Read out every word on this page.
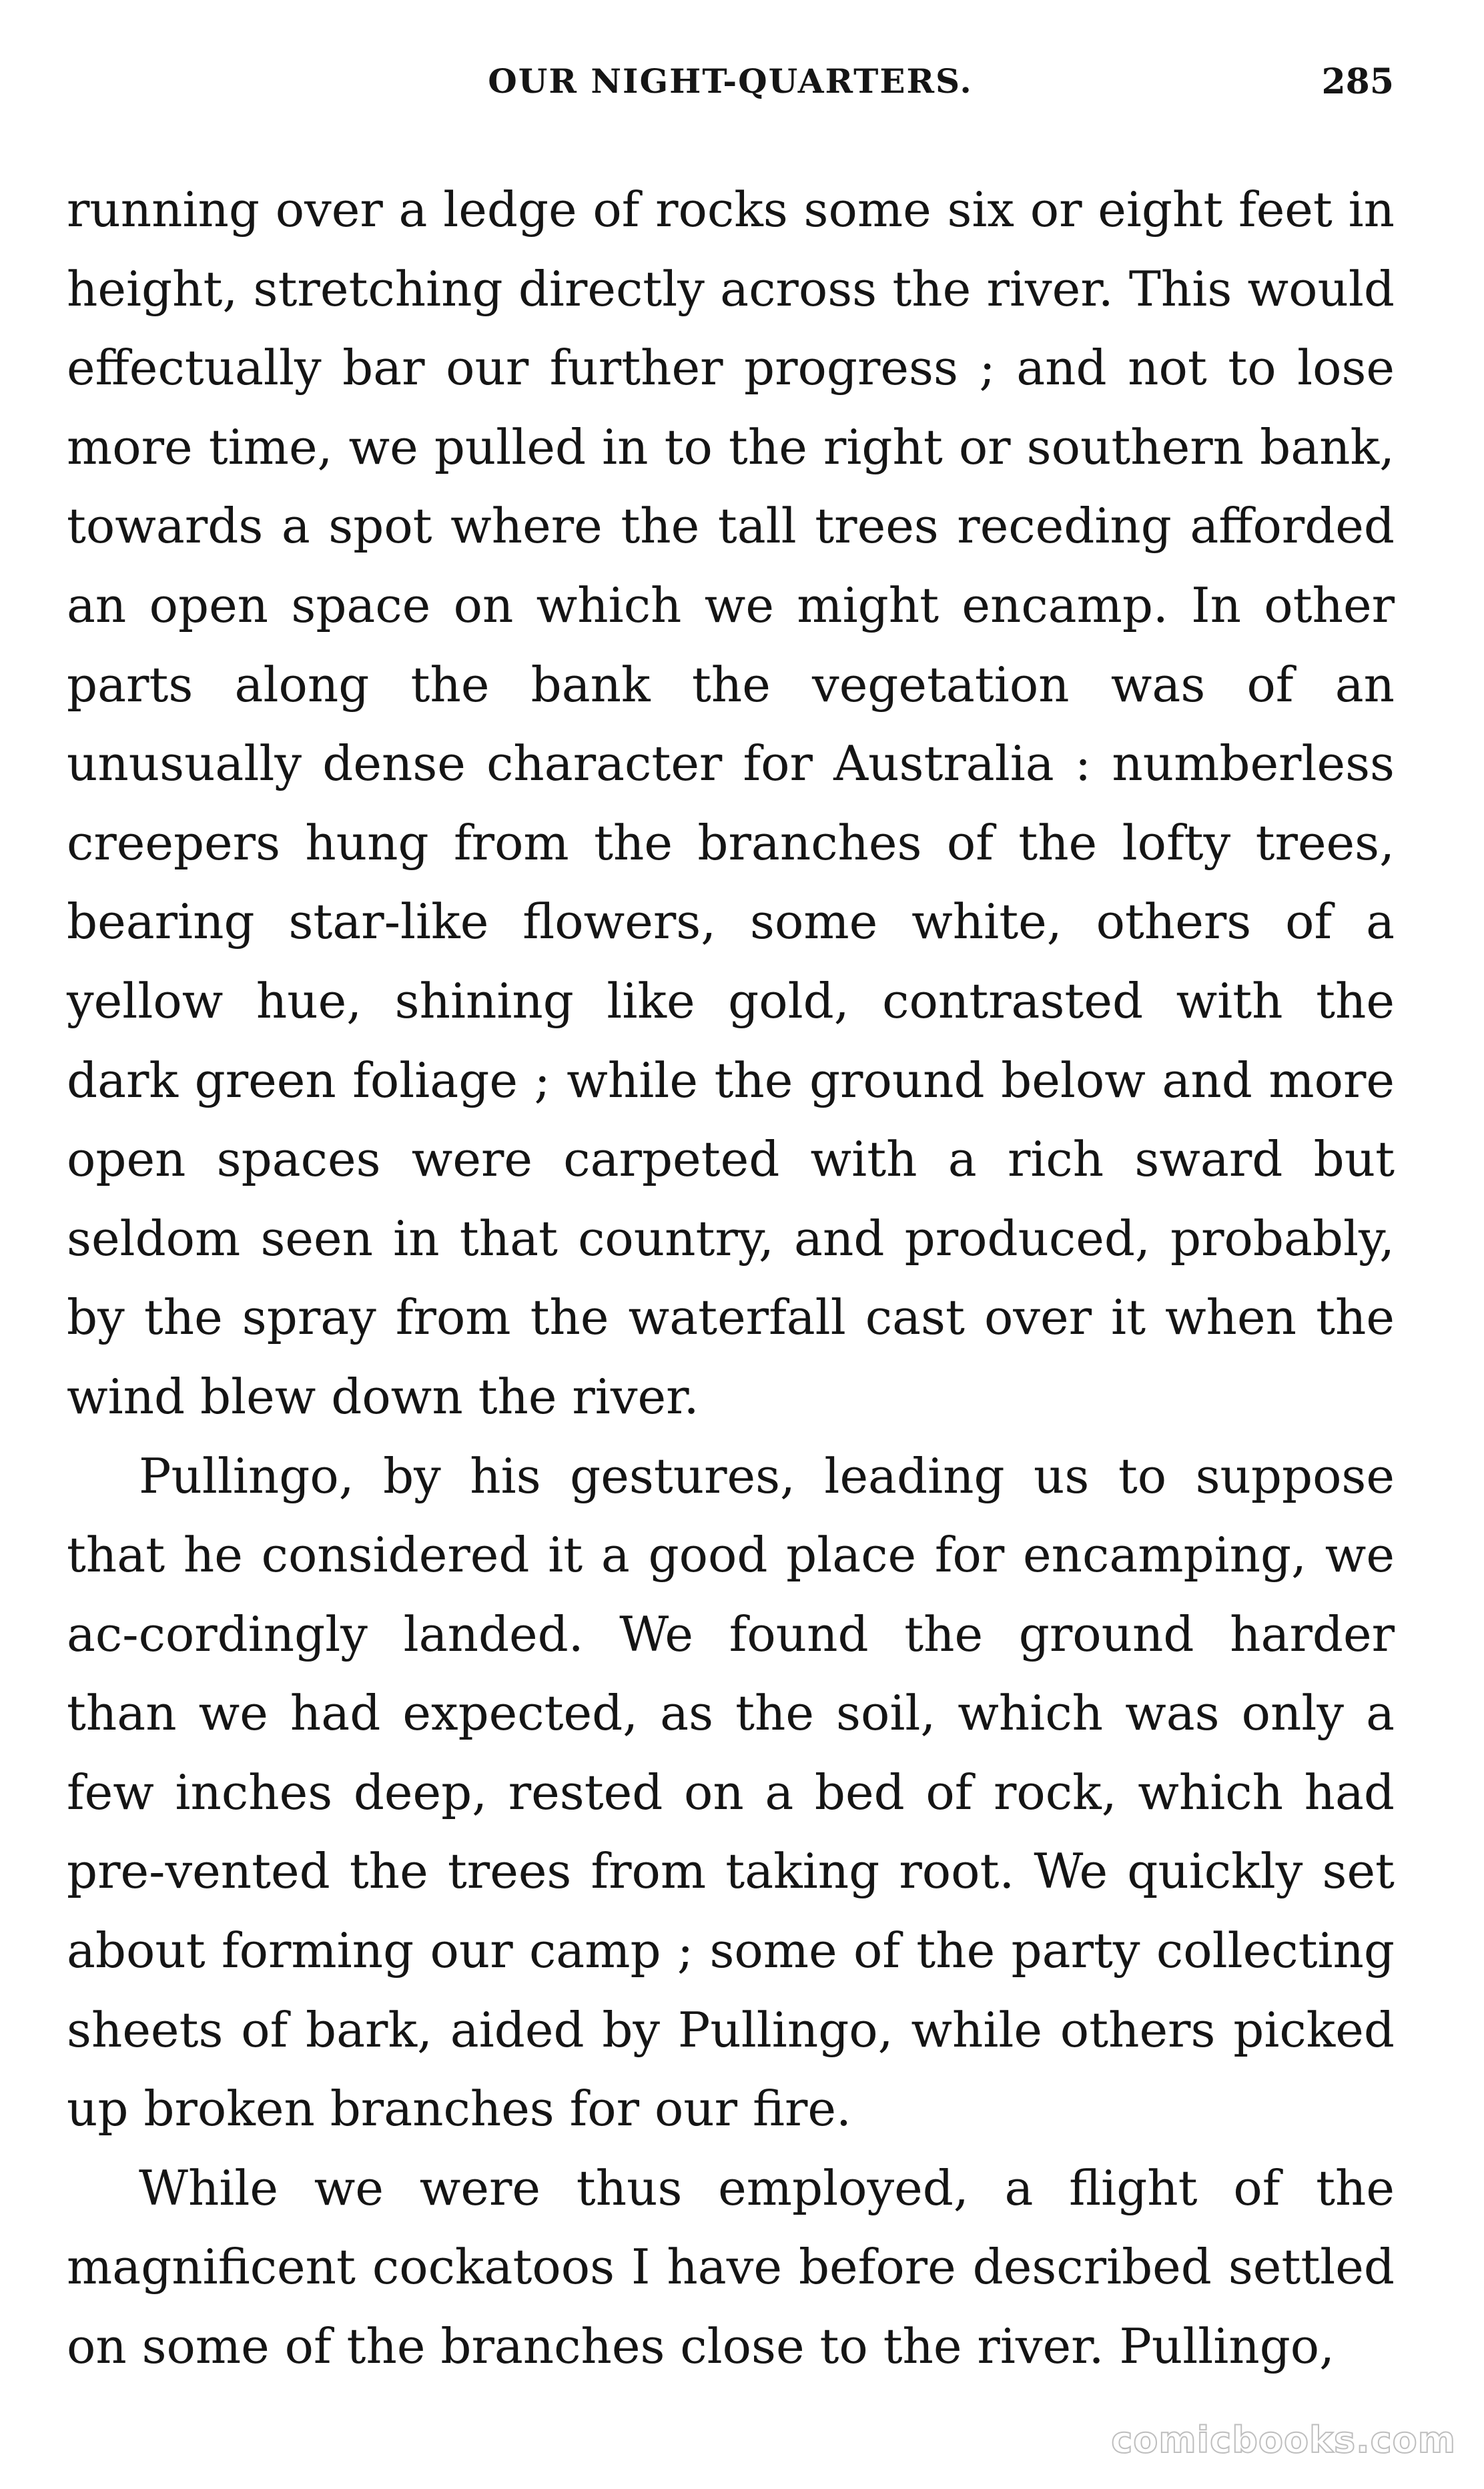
OUR NIGHT-QUARTERS.	285

running over a ledge of rocks some six or eight feet in height, stretching directly across the river. This would effectually bar our further progress ; and not to lose more time, we pulled in to the right or southern bank, towards a spot where the tall trees receding afforded an open space on which we might encamp. In other parts along the bank the vegetation was of an unusually dense character for Australia : numberless creepers hung from the branches of the lofty trees, bearing star-like flowers, some white, others of a yellow hue, shining like gold, contrasted with the dark green foliage ; while the ground below and more open spaces were carpeted with a rich sward but seldom seen in that country, and produced, probably, by the spray from the waterfall cast over it when the wind blew down the river.

Pullingo, by his gestures, leading us to suppose that he considered it a good place for encamping, we ac-cordingly landed. We found the ground harder than we had expected, as the soil, which was only a few inches deep, rested on a bed of rock, which had pre-vented the trees from taking root. We quickly set about forming our camp ; some of the party collecting sheets of bark, aided by Pullingo, while others picked up broken branches for our fire.

While we were thus employed, a flight of the magnificent cockatoos I have before described settled on some of the branches close to the river. Pullingo,

comicbooks.com
